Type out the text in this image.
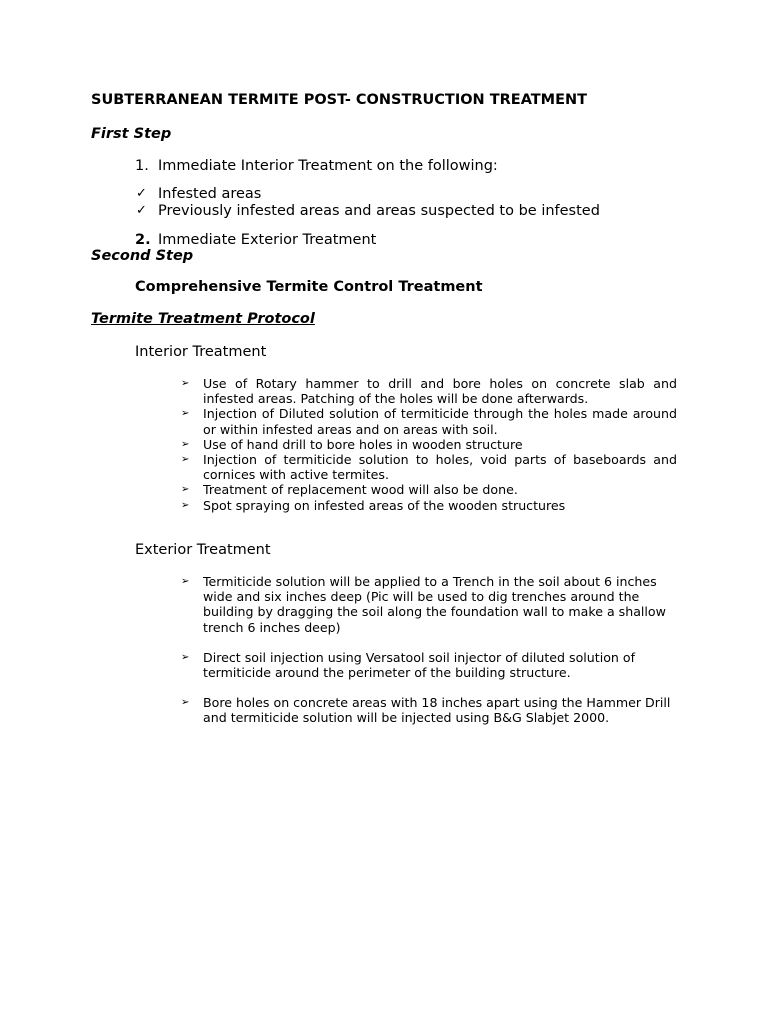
SUBTERRANEAN TERMITE POST- CONSTRUCTION TREATMENT
First Step
1. Immediate Interior Treatment on the following:
✓ Infested areas
✓ Previously infested areas and areas suspected to be infested
2. Immediate Exterior Treatment
Second Step
Comprehensive Termite Control Treatment
Termite Treatment Protocol
Interior Treatment
➢ Use of Rotary hammer to drill and bore holes on concrete slab and infested areas. Patching of the holes will be done afterwards.
➢ Injection of Diluted solution of termiticide through the holes made around or within infested areas and on areas with soil.
➢ Use of hand drill to bore holes in wooden structure
➢ Injection of termiticide solution to holes, void parts of baseboards and cornices with active termites.
➢ Treatment of replacement wood will also be done.
➢ Spot spraying on infested areas of the wooden structures
Exterior Treatment
➢ Termiticide solution will be applied to a Trench in the soil about 6 inches wide and six inches deep (Pic will be used to dig trenches around the building by dragging the soil along the foundation wall to make a shallow trench 6 inches deep)
➢ Direct soil injection using Versatool soil injector of diluted solution of termiticide around the perimeter of the building structure.
➢ Bore holes on concrete areas with 18 inches apart using the Hammer Drill and termiticide solution will be injected using B&G Slabjet 2000.
